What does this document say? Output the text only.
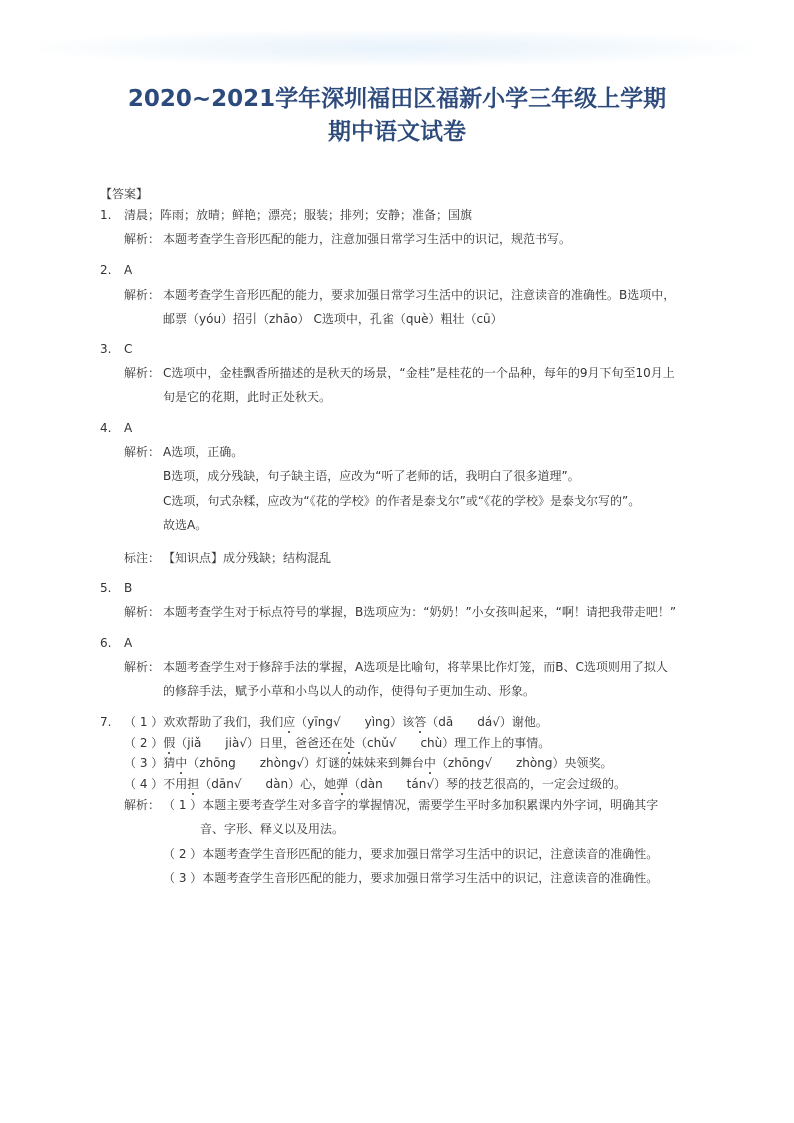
2020~2021学年深圳福田区福新小学三年级上学期
期中语文试卷
【答案】
1. 清晨；阵雨；放晴；鲜艳；漂亮；服装；排列；安静；准备；国旗
解析： 本题考查学生音形匹配的能力，注意加强日常学习生活中的识记，规范书写。
2. A
解析： 本题考查学生音形匹配的能力，要求加强日常学习生活中的识记，注意读音的准确性。B选项中，
邮票（yóu）招引（zhāo） C选项中，孔雀（què）粗壮（cū）
3. C
解析： C选项中，金桂飘香所描述的是秋天的场景，“金桂”是桂花的一个品种，每年的9月下旬至10月上
旬是它的花期，此时正处秋天。
4. A
解析： A选项，正确。
B选项，成分残缺，句子缺主语，应改为“听了老师的话，我明白了很多道理”。
C选项，句式杂糅，应改为“《花的学校》的作者是泰戈尔”或“《花的学校》是泰戈尔写的”。
故选A。
标注： 【知识点】成分残缺；结构混乱
5. B
解析： 本题考查学生对于标点符号的掌握，B选项应为：“奶奶！”小女孩叫起来，“啊！请把我带走吧！”
6. A
解析： 本题考查学生对于修辞手法的掌握，A选项是比喻句，将苹果比作灯笼，而B、C选项则用了拟人
的修辞手法，赋予小草和小鸟以人的动作，使得句子更加生动、形象。
7. （ 1 ）欢欢帮助了我们，我们应（yīng√　　yìng）该答（dā　　dá√）谢他。
（ 2 ）假（jiǎ　　jià√）日里，爸爸还在处（chǔ√　　chù）理工作上的事情。
（ 3 ）猜中（zhōng　　zhòng√）灯谜的妹妹来到舞台中（zhōng√　　zhòng）央领奖。
（ 4 ）不用担（dān√　　dàn）心，她弹（dàn　　tán√）琴的技艺很高的，一定会过级的。
解析： （ 1 ）本题主要考查学生对多音字的掌握情况，需要学生平时多加积累课内外字词，明确其字
音、字形、释义以及用法。
（ 2 ）本题考查学生音形匹配的能力，要求加强日常学习生活中的识记，注意读音的准确性。
（ 3 ）本题考查学生音形匹配的能力，要求加强日常学习生活中的识记，注意读音的准确性。
